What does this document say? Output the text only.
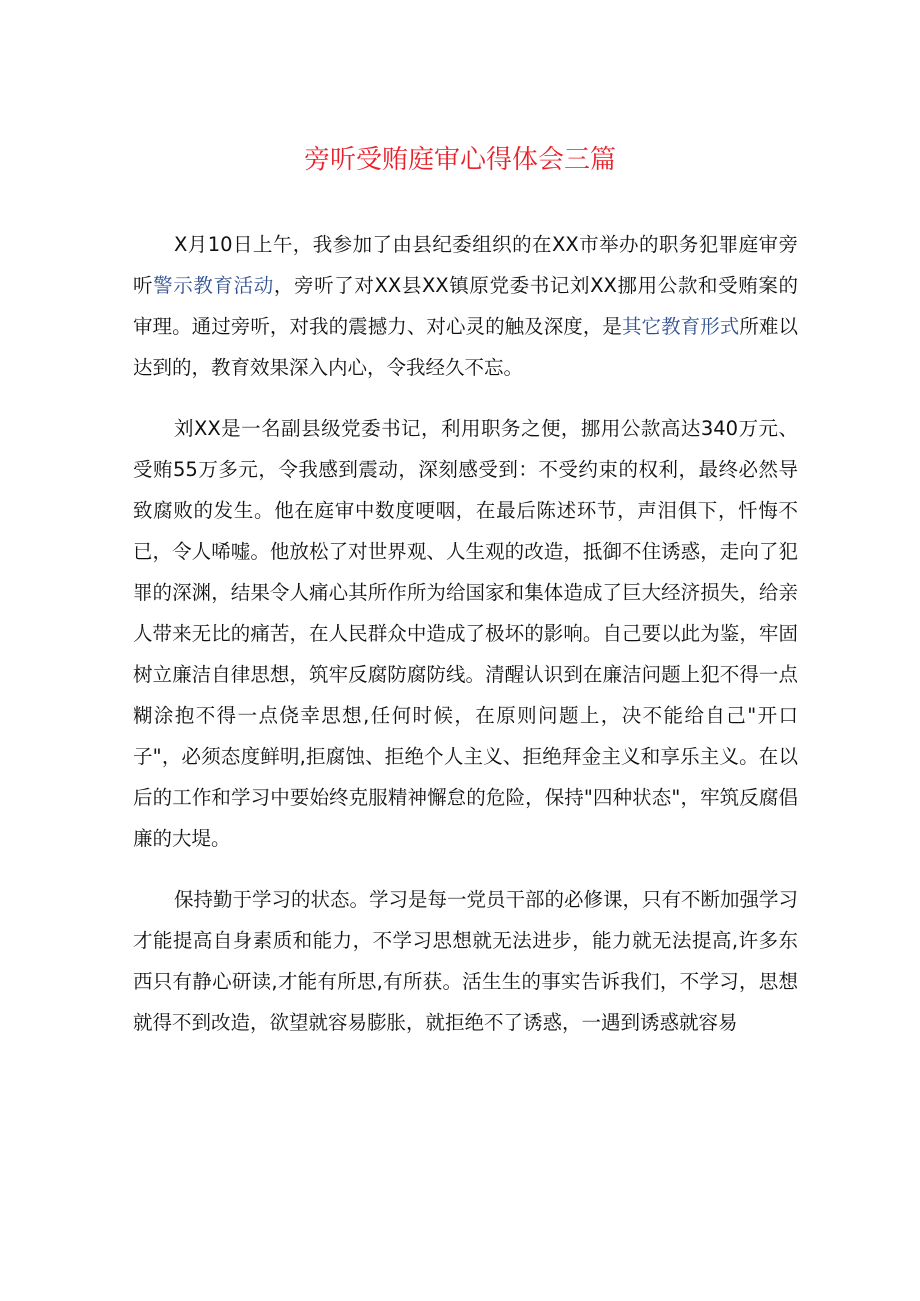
旁听受贿庭审心得体会三篇

X月10日上午，我参加了由县纪委组织的在XX市举办的职务犯罪庭审旁听警示教育活动，旁听了对XX县XX镇原党委书记刘XX挪用公款和受贿案的审理。通过旁听，对我的震撼力、对心灵的触及深度，是其它教育形式所难以达到的，教育效果深入内心，令我经久不忘。

刘XX是一名副县级党委书记，利用职务之便，挪用公款高达340万元、受贿55万多元，令我感到震动，深刻感受到：不受约束的权利，最终必然导致腐败的发生。他在庭审中数度哽咽，在最后陈述环节，声泪俱下，忏悔不已，令人唏嘘。他放松了对世界观、人生观的改造，抵御不住诱惑，走向了犯罪的深渊，结果令人痛心其所作所为给国家和集体造成了巨大经济损失，给亲人带来无比的痛苦，在人民群众中造成了极坏的影响。自己要以此为鉴，牢固树立廉洁自律思想，筑牢反腐防腐防线。清醒认识到在廉洁问题上犯不得一点糊涂抱不得一点侥幸思想,任何时候，在原则问题上，决不能给自己"开口子"，必须态度鲜明,拒腐蚀、拒绝个人主义、拒绝拜金主义和享乐主义。在以后的工作和学习中要始终克服精神懈怠的危险，保持"四种状态"，牢筑反腐倡廉的大堤。

保持勤于学习的状态。学习是每一党员干部的必修课，只有不断加强学习才能提高自身素质和能力，不学习思想就无法进步，能力就无法提高,许多东西只有静心研读,才能有所思,有所获。活生生的事实告诉我们，不学习，思想就得不到改造，欲望就容易膨胀，就拒绝不了诱惑，一遇到诱惑就容易
